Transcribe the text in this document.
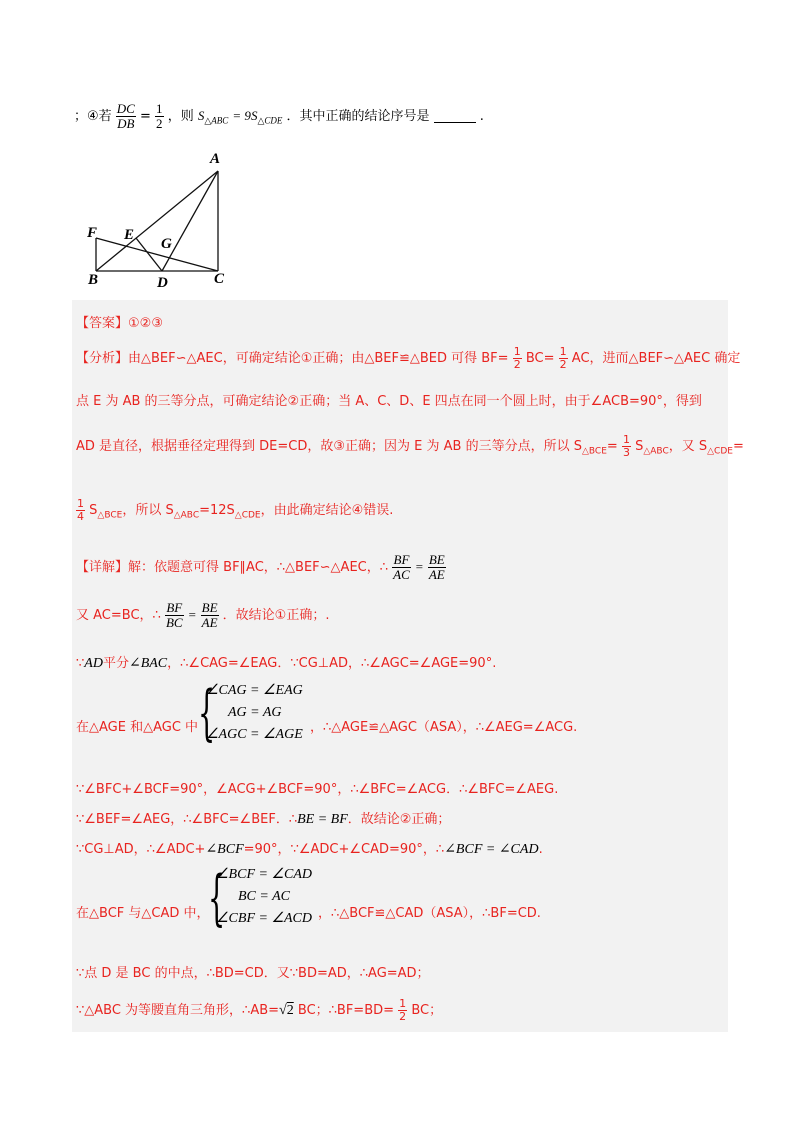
；④若 $\frac{DC}{DB} = \frac{1}{2}$ ，则 $S_{\triangle ABC} = 9S_{\triangle CDE}$ ．其中正确的结论序号是	.
A
F E
G
B	D	C
【答案】①②③
【分析】由△BEF∽△AEC，可确定结论①正确；由△BEF≌△BED 可得 $BF= \frac{1}{2} BC= \frac{1}{2}$ AC，进而△BEF∽△AEC 确定
点 E 为 AB 的三等分点，可确定结论②正确；当 A、C、D、E 四点在同一个圆上时，由于∠ACB=90°，得到
AD 是直径，根据垂径定理得到 DE=CD，故③正确；因为 E 为 AB 的三等分点，所以 $S_{\triangle BCE}= \frac{1}{3} S_{\triangle ABC}$，又 $S_{\triangle CDE}=$
$\frac{1}{4} S_{\triangle BCE}$，所以 $S_{\triangle ABC}=12S_{\triangle CDE}$，由此确定结论④错误.
【详解】解：依题意可得 BF∥AC，∴△BEF∽△AEC，∴ $\frac{BF}{AC} = \frac{BE}{AE}$
又 AC=BC，∴ $\frac{BF}{BC} = \frac{BE}{AE}$ ．故结论①正确；.
∵AD平分∠BAC，∴∠CAG=∠EAG．∵CG⊥AD，∴∠AGC=∠AGE=90°.
{
∠CAG = ∠EAG
AG = AG
∠AGC = ∠AGE
在△AGE 和△AGC 中	，∴△AGE≌△AGC（ASA），∴∠AEG=∠ACG.
∵∠BFC+∠BCF=90°，∠ACG+∠BCF=90°，∴∠BFC=∠ACG．∴∠BFC=∠AEG.
∵∠BEF=∠AEG，∴∠BFC=∠BEF．∴BE = BF．故结论②正确；
∵CG⊥AD，∴∠ADC+∠BCF=90°，∵∠ADC+∠CAD=90°，∴∠BCF = ∠CAD.
{
∠BCF = ∠CAD
BC = AC
∠CBF = ∠ACD
在△BCF 与△CAD 中，	，∴△BCF≌△CAD（ASA），∴BF=CD.
∵点 D 是 BC 的中点，∴BD=CD．又∵BD=AD，∴AG=AD；
∵△ABC 为等腰直角三角形，∴AB=√2 BC；∴BF=BD= $\frac{1}{2}$ BC；
